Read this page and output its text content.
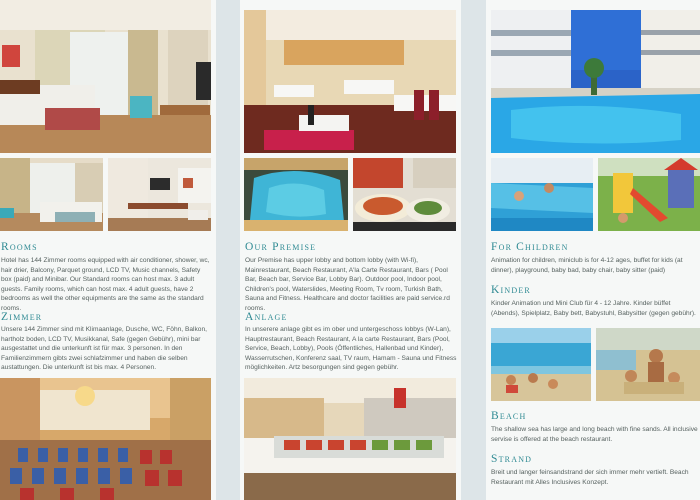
Rooms

Hotel has 144 Zimmer rooms equipped with air conditioner, shower, wc, hair drier, Balcony, Parquet ground, LCD TV, Music channels, Safety box (paid) and Minibar. Our Standard rooms can host max. 3 adult guests. Family rooms, which can host max. 4 adult guests, have 2 bedrooms as well the other equipments are the same as the standard rooms.

Zimmer

Unsere 144 Zimmer sind mit Klimaanlage, Dusche, WC, Föhn, Balkon, hartholz boden, LCD TV, Musikkanal, Safe (gegen Gebühr), mini bar ausgestattet und die unterkunft ist für max. 3 personen. In den Familienzimmern gibts zwei schlafzimmer und haben die selben austattungen. Die unterkunft ist bis max. 4 Personen.

Our Premise

Our Premise has upper lobby and bottom lobby (with Wi-fi), Mainrestaurant, Beach Restaurant, A'la Carte Restaurant, Bars ( Pool Bar, Beach bar, Service Bar, Lobby Bar). Outdoor pool, Indoor pool, Children's pool, Waterslides, Meeting Room, Tv room, Turkish Bath, Sauna and Fitness. Healthcare and doctor facilities are paid service.rd rooms.

Anlage

In unserere anlage gibt es im ober und untergeschoss lobbys (W-Lan), Hauptrestaurant, Beach Restaurant, A la carte Restaurant, Bars (Pool, Service, Beach, Lobby), Pools (Öffentliches, Hallenbad und Kinder), Wasserrutschen, Konferenz saal, TV raum, Hamam - Sauna und Fitness möglichkeiten. Artz besorgungen sind gegen gebühr.

For Children

Animation for children, miniclub is for 4-12 ages, buffet for kids (at dinner), playground, baby bad, baby chair, baby sitter (paid)

Kinder

Kinder Animation und Mini Club für 4 - 12 Jahre. Kinder büffet (Abends), Spielplatz, Baby bett, Babystuhl, Babysitter (gegen gebühr).

Beach

The shallow sea has large and long beach with fine sands. All inclusive servise is offered at the beach restaurant.

Strand

Breit und langer feinsandstrand der sich immer mehr vertieft. Beach Restaurant mit Alles Inclusives Konzept.
